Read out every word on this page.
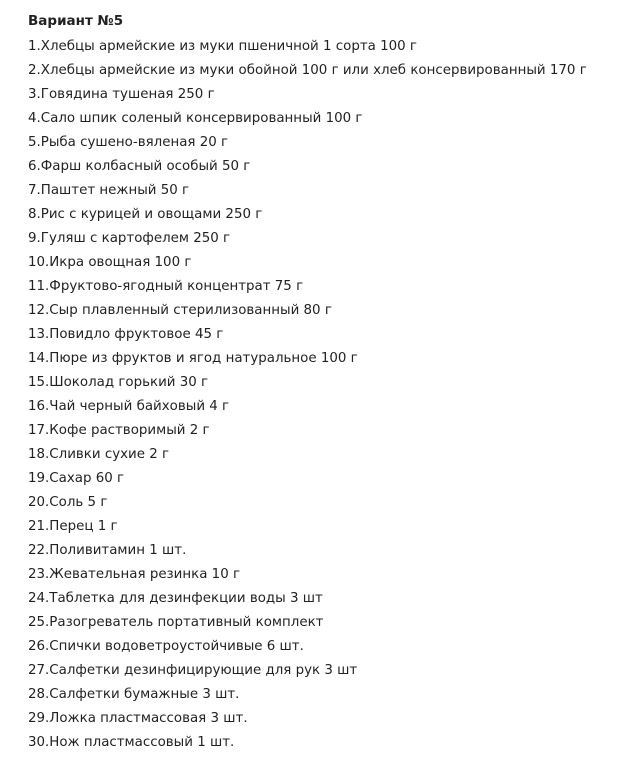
Вариант №5
1.Хлебцы армейские из муки пшеничной 1 сорта 100 г
2.Хлебцы армейские из муки обойной 100 г или хлеб консервированный 170 г
3.Говядина тушеная 250 г
4.Сало шпик соленый консервированный 100 г
5.Рыба сушено-вяленая 20 г
6.Фарш колбасный особый 50 г
7.Паштет нежный 50 г
8.Рис с курицей и овощами 250 г
9.Гуляш с картофелем 250 г
10.Икра овощная 100 г
11.Фруктово-ягодный концентрат 75 г
12.Сыр плавленный стерилизованный 80 г
13.Повидло фруктовое 45 г
14.Пюре из фруктов и ягод натуральное 100 г
15.Шоколад горький 30 г
16.Чай черный байховый 4 г
17.Кофе растворимый 2 г
18.Сливки сухие 2 г
19.Сахар 60 г
20.Соль 5 г
21.Перец 1 г
22.Поливитамин 1 шт.
23.Жевательная резинка 10 г
24.Таблетка для дезинфекции воды 3 шт
25.Разогреватель портативный комплект
26.Спички водоветроустойчивые 6 шт.
27.Салфетки дезинфицирующие для рук 3 шт
28.Салфетки бумажные 3 шт.
29.Ложка пластмассовая 3 шт.
30.Нож пластмассовый 1 шт.
